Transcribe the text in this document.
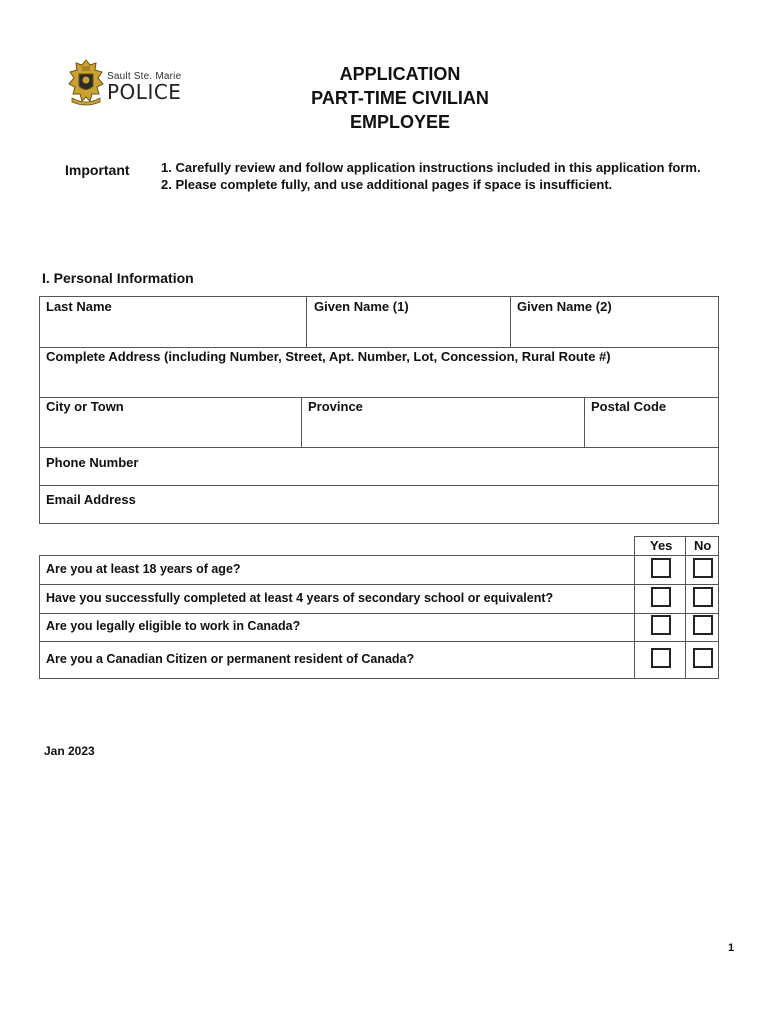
Sault Ste. Marie
POLICE
APPLICATION
PART-TIME CIVILIAN
EMPLOYEE
Important 1. Carefully review and follow application instructions included in this application form.
2. Please complete fully, and use additional pages if space is insufficient.
I. Personal Information
Last Name	Given Name (1)	Given Name (2)
Complete Address (including Number, Street, Apt. Number, Lot, Concession, Rural Route #)
City or Town	Province	Postal Code
Phone Number
Email Address
Yes No
Are you at least 18 years of age?
Have you successfully completed at least 4 years of secondary school or equivalent?
Are you legally eligible to work in Canada?
Are you a Canadian Citizen or permanent resident of Canada?
Jan 2023
1
